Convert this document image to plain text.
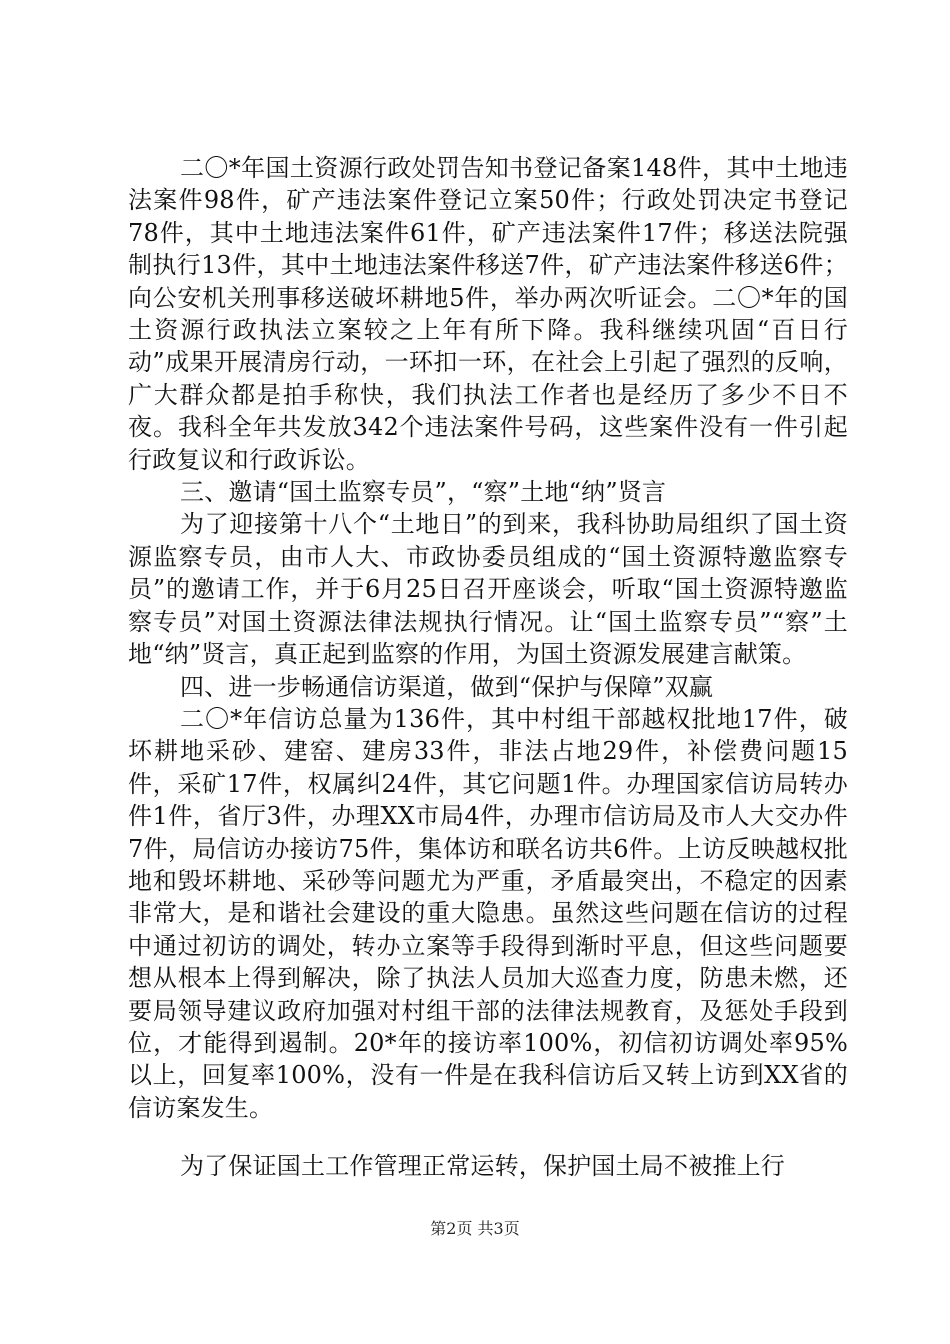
二〇*年国土资源行政处罚告知书登记备案148件，其中土地违法案件98件，矿产违法案件登记立案50件；行政处罚决定书登记78件，其中土地违法案件61件，矿产违法案件17件；移送法院强制执行13件，其中土地违法案件移送7件，矿产违法案件移送6件；向公安机关刑事移送破坏耕地5件，举办两次听证会。二〇*年的国土资源行政执法立案较之上年有所下降。我科继续巩固“百日行动”成果开展清房行动，一环扣一环，在社会上引起了强烈的反响，广大群众都是拍手称快，我们执法工作者也是经历了多少不日不夜。我科全年共发放342个违法案件号码，这些案件没有一件引起行政复议和行政诉讼。

三、邀请“国土监察专员”，“察”土地“纳”贤言

为了迎接第十八个“土地日”的到来，我科协助局组织了国土资源监察专员，由市人大、市政协委员组成的“国土资源特邀监察专员”的邀请工作，并于6月25日召开座谈会，听取“国土资源特邀监察专员”对国土资源法律法规执行情况。让“国土监察专员”“察”土地“纳”贤言，真正起到监察的作用，为国土资源发展建言献策。

四、进一步畅通信访渠道，做到“保护与保障”双赢

二〇*年信访总量为136件，其中村组干部越权批地17件，破坏耕地采砂、建窑、建房33件，非法占地29件，补偿费问题15件，采矿17件，权属纠24件，其它问题1件。办理国家信访局转办件1件，省厅3件，办理XX市局4件，办理市信访局及市人大交办件7件，局信访办接访75件，集体访和联名访共6件。上访反映越权批地和毁坏耕地、采砂等问题尤为严重，矛盾最突出，不稳定的因素非常大，是和谐社会建设的重大隐患。虽然这些问题在信访的过程中通过初访的调处，转办立案等手段得到渐时平息，但这些问题要想从根本上得到解决，除了执法人员加大巡查力度，防患未燃，还要局领导建议政府加强对村组干部的法律法规教育，及惩处手段到位，才能得到遏制。20*年的接访率100%，初信初访调处率95%以上，回复率100%，没有一件是在我科信访后又转上访到XX省的信访案发生。

为了保证国土工作管理正常运转，保护国土局不被推上行

第2页 共3页
